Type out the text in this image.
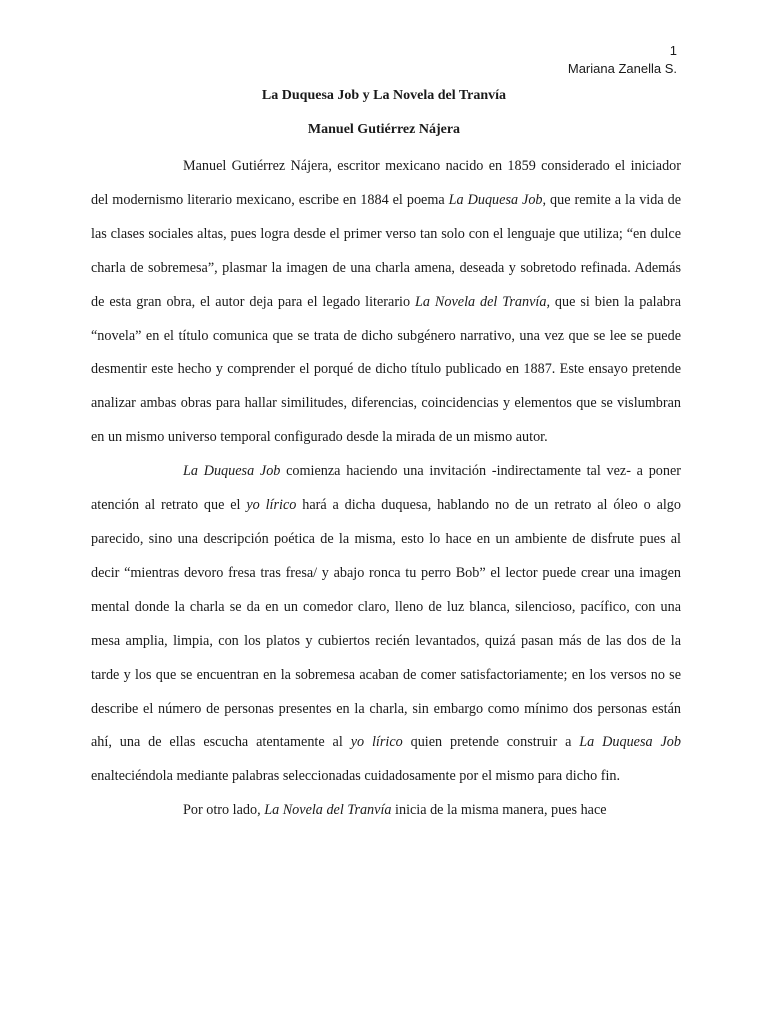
1

Mariana Zanella S.

La Duquesa Job y La Novela del Tranvía
Manuel Gutiérrez Nájera

Manuel Gutiérrez Nájera, escritor mexicano nacido en 1859 considerado el iniciador del modernismo literario mexicano, escribe en 1884 el poema La Duquesa Job, que remite a la vida de las clases sociales altas, pues logra desde el primer verso tan solo con el lenguaje que utiliza; “en dulce charla de sobremesa”, plasmar la imagen de una charla amena, deseada y sobretodo refinada. Además de esta gran obra, el autor deja para el legado literario La Novela del Tranvía, que si bien la palabra “novela” en el título comunica que se trata de dicho subgénero narrativo, una vez que se lee se puede desmentir este hecho y comprender el porqué de dicho título publicado en 1887. Este ensayo pretende analizar ambas obras para hallar similitudes, diferencias, coincidencias y elementos que se vislumbran en un mismo universo temporal configurado desde la mirada de un mismo autor.

La Duquesa Job comienza haciendo una invitación -indirectamente tal vez- a poner atención al retrato que el yo lírico hará a dicha duquesa, hablando no de un retrato al óleo o algo parecido, sino una descripción poética de la misma, esto lo hace en un ambiente de disfrute pues al decir “mientras devoro fresa tras fresa/ y abajo ronca tu perro Bob” el lector puede crear una imagen mental donde la charla se da en un comedor claro, lleno de luz blanca, silencioso, pacífico, con una mesa amplia, limpia, con los platos y cubiertos recién levantados, quizá pasan más de las dos de la tarde y los que se encuentran en la sobremesa acaban de comer satisfactoriamente; en los versos no se describe el número de personas presentes en la charla, sin embargo como mínimo dos personas están ahí, una de ellas escucha atentamente al yo lírico quien pretende construir a La Duquesa Job enalteciéndola mediante palabras seleccionadas cuidadosamente por el mismo para dicho fin.

Por otro lado, La Novela del Tranvía inicia de la misma manera, pues hace
